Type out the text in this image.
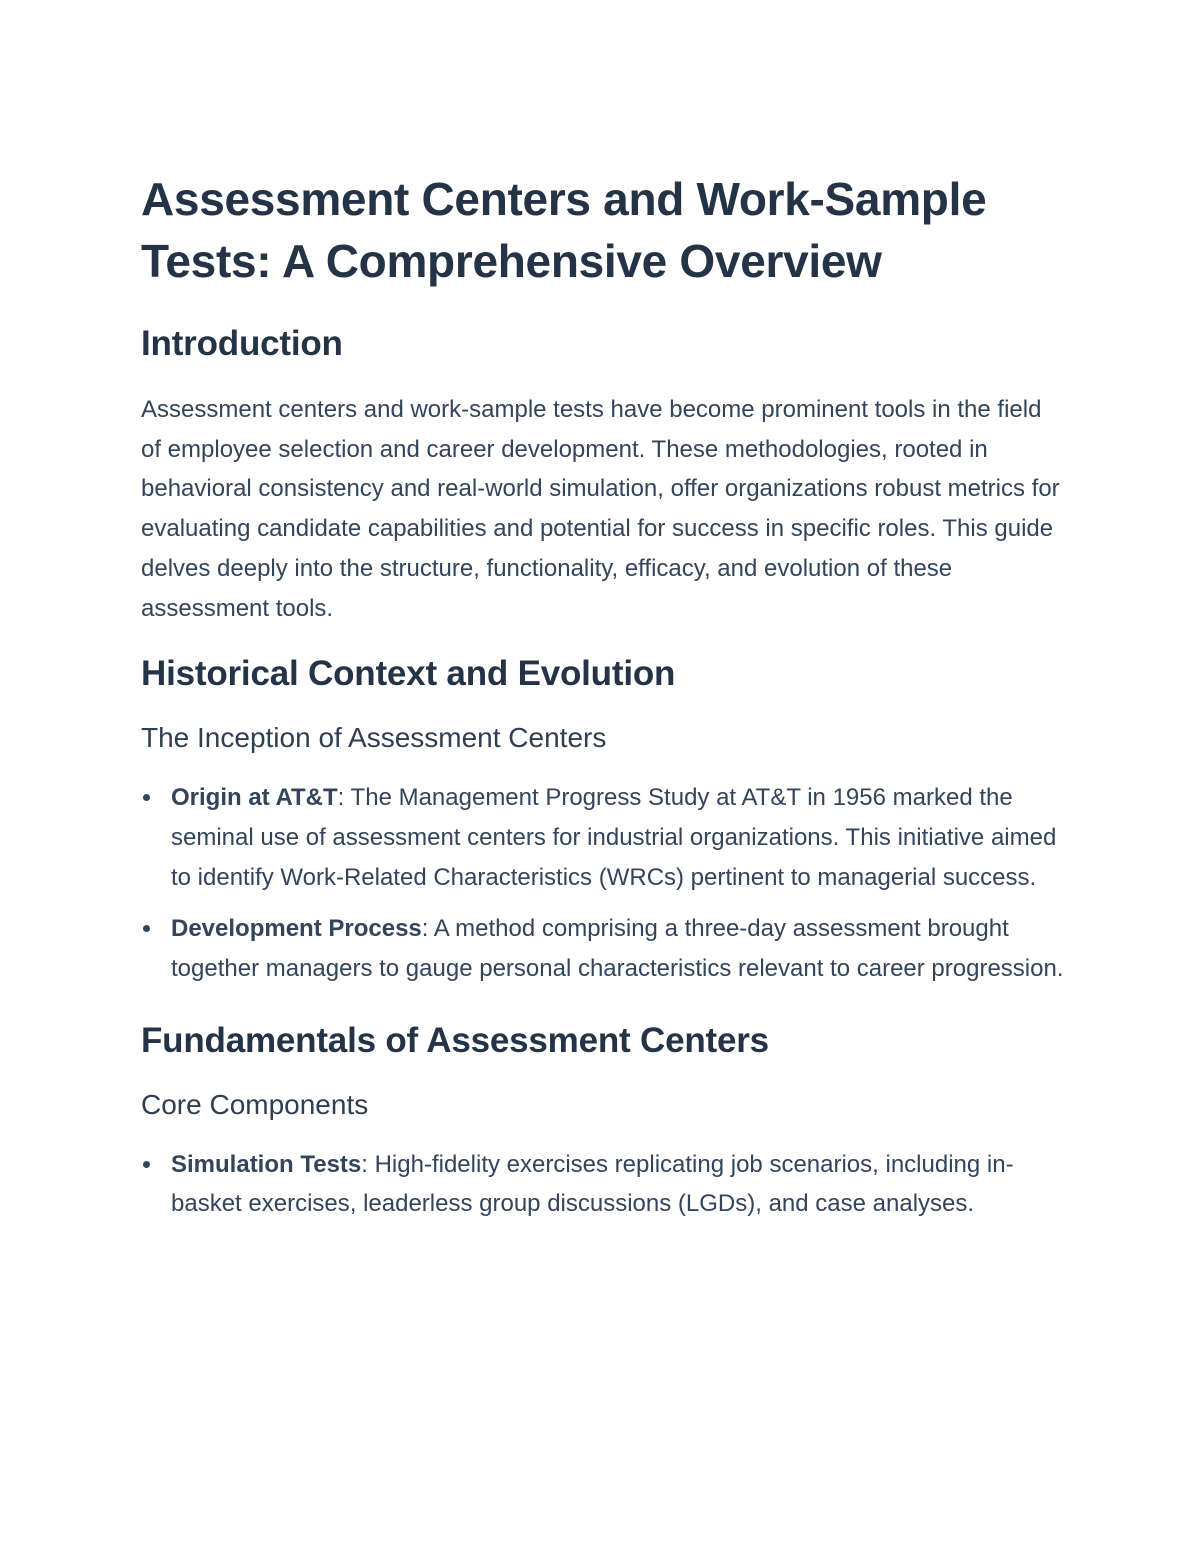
Assessment Centers and Work-Sample Tests: A Comprehensive Overview
Introduction

Assessment centers and work-sample tests have become prominent tools in the field of employee selection and career development. These methodologies, rooted in behavioral consistency and real-world simulation, offer organizations robust metrics for evaluating candidate capabilities and potential for success in specific roles. This guide delves deeply into the structure, functionality, efficacy, and evolution of these assessment tools.

Historical Context and Evolution
The Inception of Assessment Centers
Origin at AT&T: The Management Progress Study at AT&T in 1956 marked the seminal use of assessment centers for industrial organizations. This initiative aimed to identify Work-Related Characteristics (WRCs) pertinent to managerial success.
Development Process: A method comprising a three-day assessment brought together managers to gauge personal characteristics relevant to career progression.
Fundamentals of Assessment Centers
Core Components
Simulation Tests: High-fidelity exercises replicating job scenarios, including in-basket exercises, leaderless group discussions (LGDs), and case analyses.
